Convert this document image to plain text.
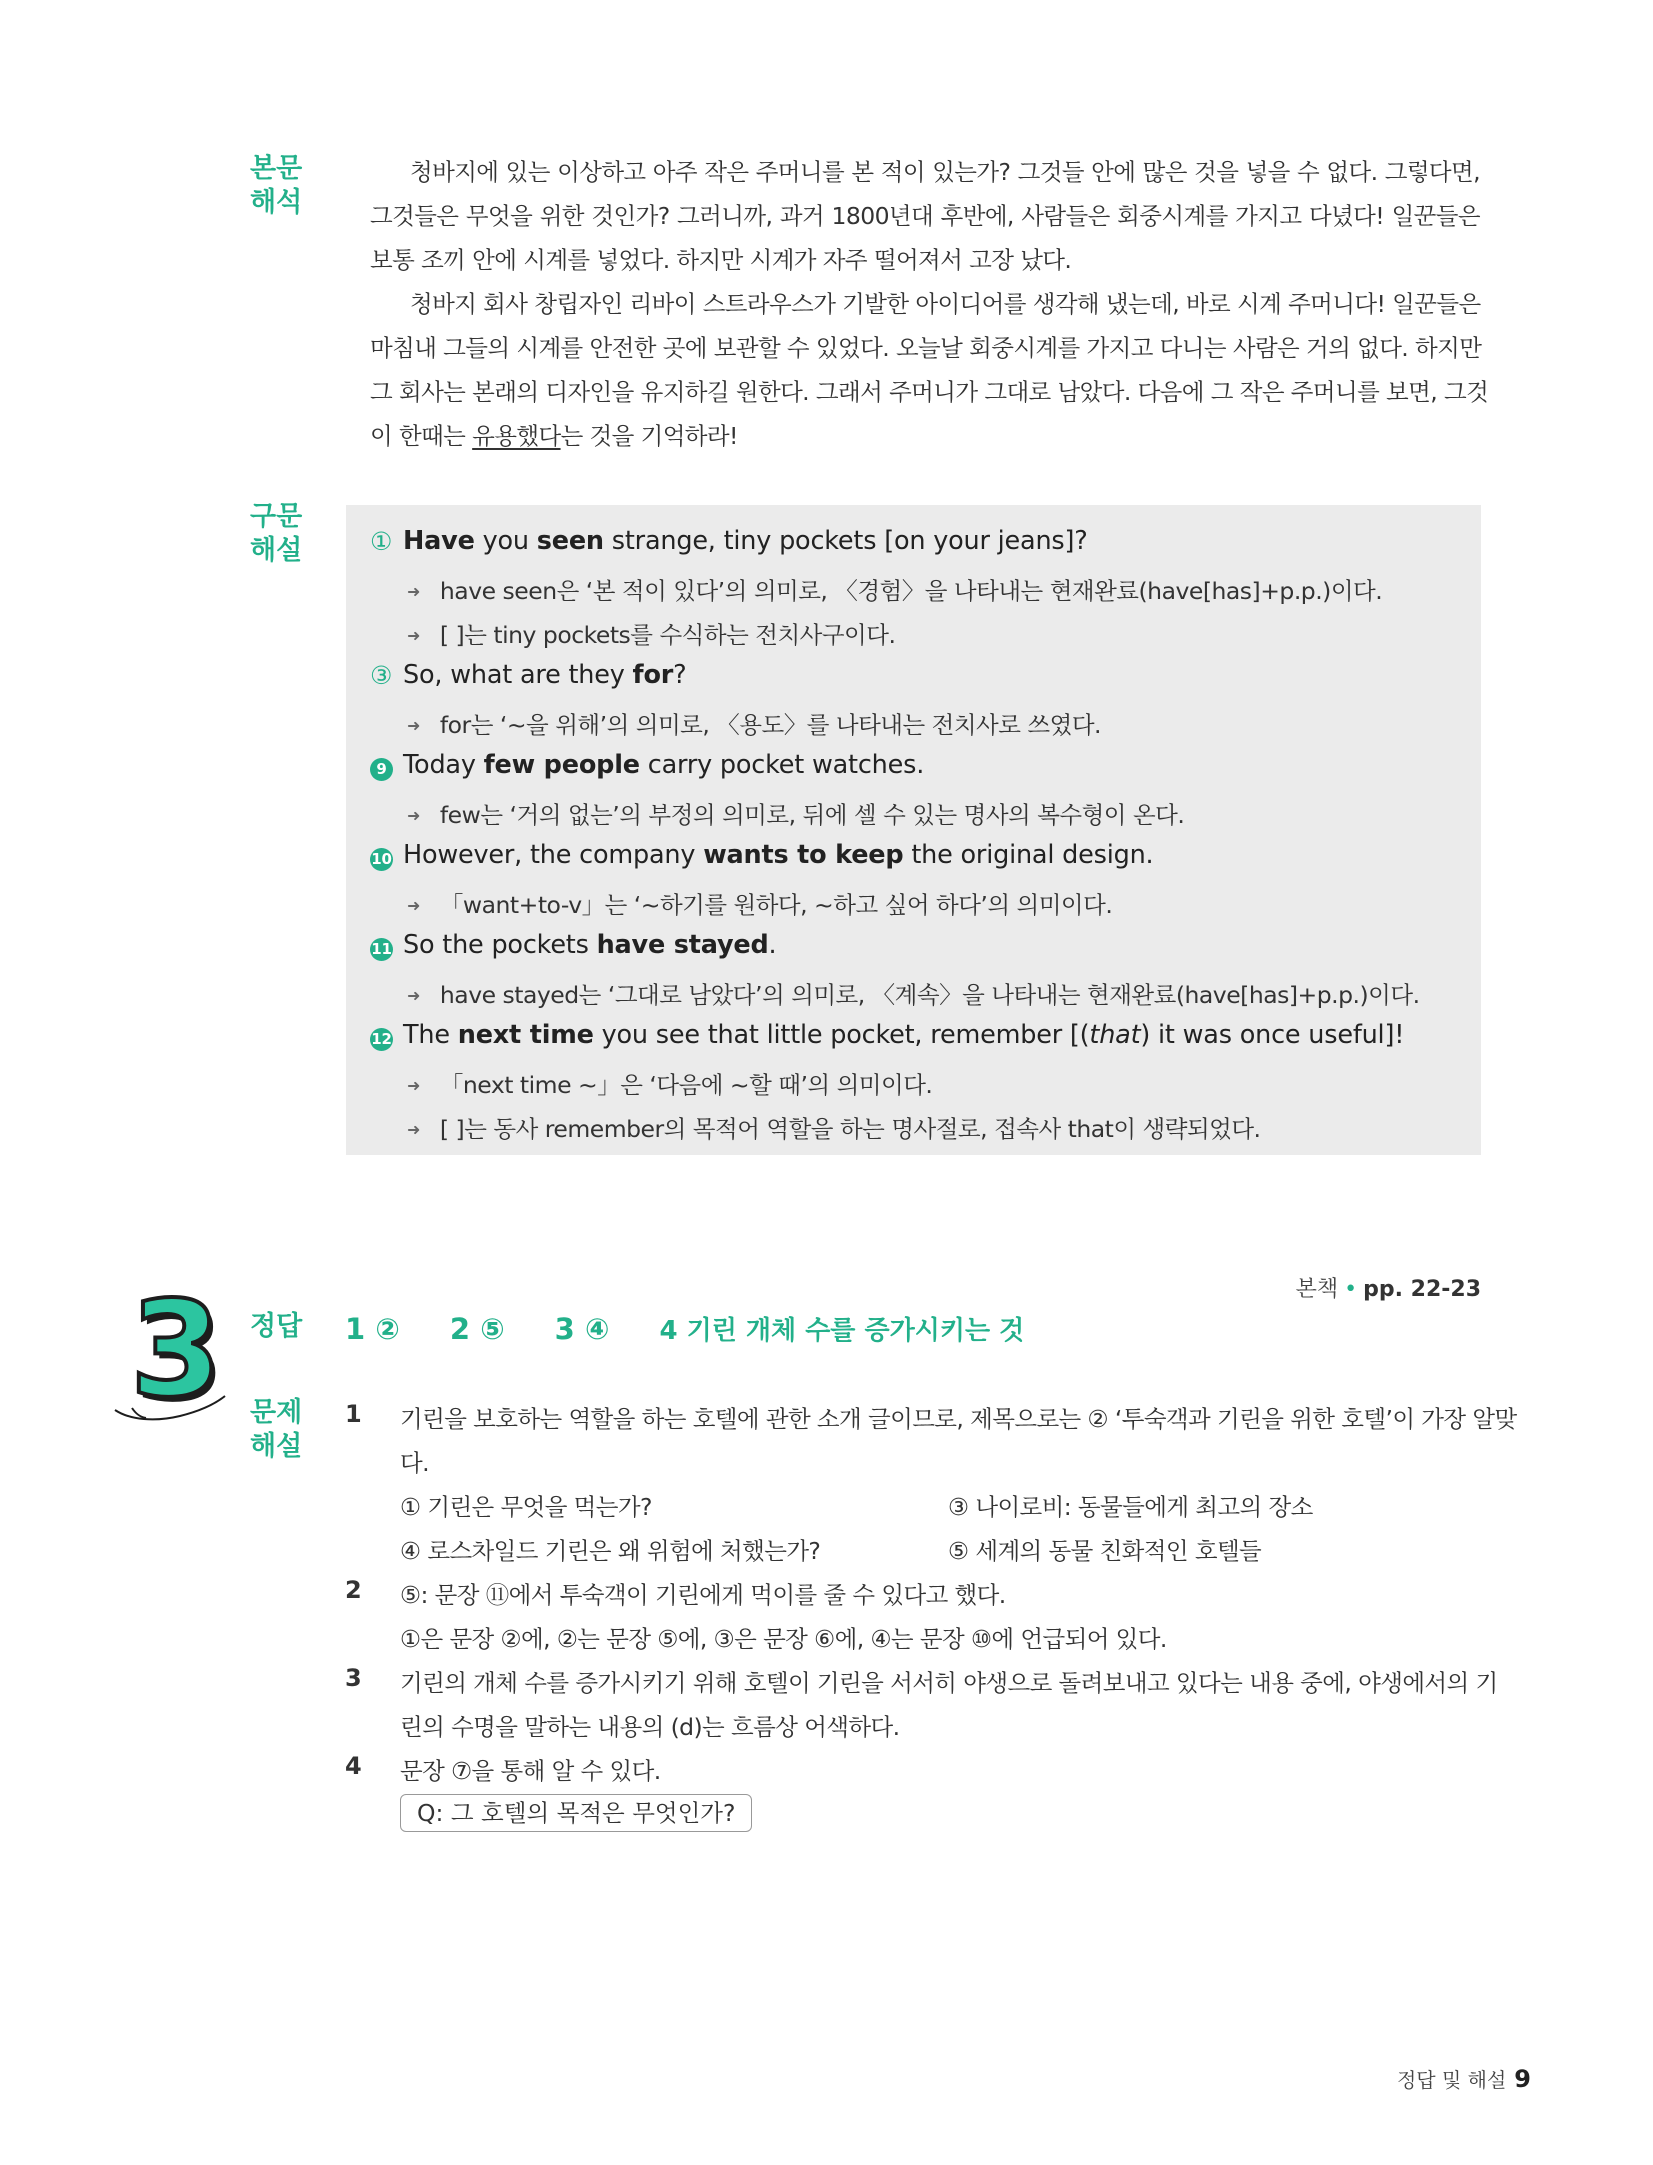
본문
해석
청바지에 있는 이상하고 아주 작은 주머니를 본 적이 있는가? 그것들 안에 많은 것을 넣을 수 없다. 그렇다면,
그것들은 무엇을 위한 것인가? 그러니까, 과거 1800년대 후반에, 사람들은 회중시계를 가지고 다녔다! 일꾼들은
보통 조끼 안에 시계를 넣었다. 하지만 시계가 자주 떨어져서 고장 났다.
청바지 회사 창립자인 리바이 스트라우스가 기발한 아이디어를 생각해 냈는데, 바로 시계 주머니다! 일꾼들은
마침내 그들의 시계를 안전한 곳에 보관할 수 있었다. 오늘날 회중시계를 가지고 다니는 사람은 거의 없다. 하지만
그 회사는 본래의 디자인을 유지하길 원한다. 그래서 주머니가 그대로 남았다. 다음에 그 작은 주머니를 보면, 그것
이 한때는 유용했다는 것을 기억하라!
구문
해설	① Have you seen strange, tiny pockets [on your jeans]?
➜ have seen은 ‘본 적이 있다’의 의미로, 〈경험〉을 나타내는 현재완료(have[has]+p.p.)이다.
➜ [ ]는 tiny pockets를 수식하는 전치사구이다.
③ So, what are they for?
➜ for는 ‘~을 위해’의 의미로, 〈용도〉를 나타내는 전치사로 쓰였다.
9 Today few people carry pocket watches.
➜ few는 ‘거의 없는’의 부정의 의미로, 뒤에 셀 수 있는 명사의 복수형이 온다.
10 However, the company wants to keep the original design.
➜ 「want+to-v」는 ‘~하기를 원하다, ~하고 싶어 하다’의 의미이다.
11 So the pockets have stayed.
➜ have stayed는 ‘그대로 남았다’의 의미로, 〈계속〉을 나타내는 현재완료(have[has]+p.p.)이다.
12 The next time you see that little pocket, remember [(that) it was once useful]!
➜ 「next time ~」은 ‘다음에 ~할 때’의 의미이다.
➜ [ ]는 동사 remember의 목적어 역할을 하는 명사절로, 접속사 that이 생략되었다.
본책 • pp. 22-23
3	정답 1 ② 2 ⑤ 3 ④ 4 기린 개체 수를 증가시키는 것
문제
해설
1 기린을 보호하는 역할을 하는 호텔에 관한 소개 글이므로, 제목으로는 ② ‘투숙객과 기린을 위한 호텔’이 가장 알맞
다.
① 기린은 무엇을 먹는가?	③ 나이로비: 동물들에게 최고의 장소
④ 로스차일드 기린은 왜 위험에 처했는가?	⑤ 세계의 동물 친화적인 호텔들
2 ⑤: 문장 ⑪에서 투숙객이 기린에게 먹이를 줄 수 있다고 했다.
①은 문장 ②에, ②는 문장 ⑤에, ③은 문장 ⑥에, ④는 문장 ⑩에 언급되어 있다.
3 기린의 개체 수를 증가시키기 위해 호텔이 기린을 서서히 야생으로 돌려보내고 있다는 내용 중에, 야생에서의 기
린의 수명을 말하는 내용의 (d)는 흐름상 어색하다.
4 문장 ⑦을 통해 알 수 있다.
Q: 그 호텔의 목적은 무엇인가?
정답 및 해설 9
